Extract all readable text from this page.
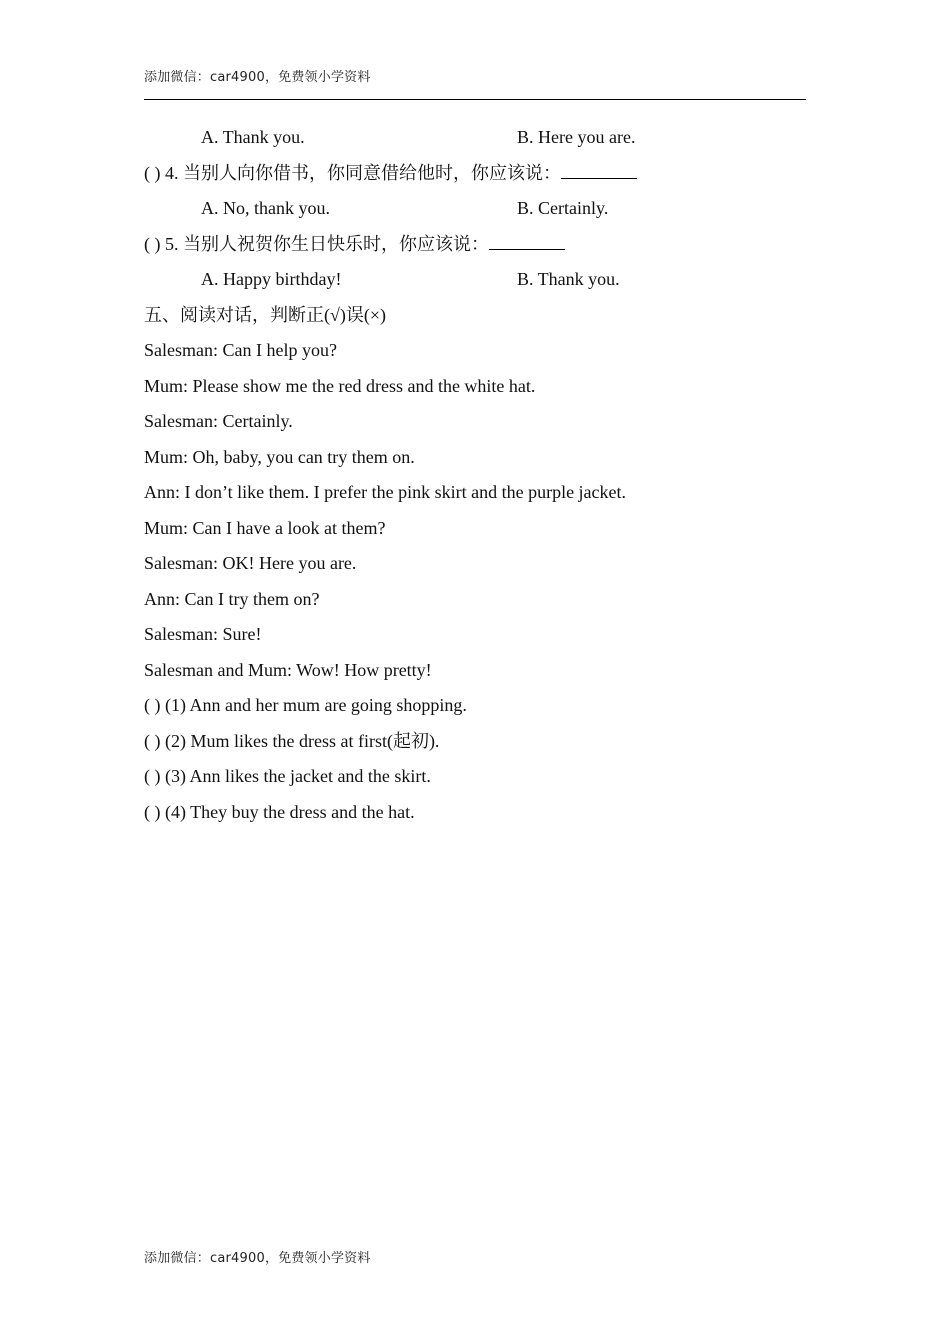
添加微信：car4900，免费领小学资料
A. Thank you.	B. Here you are.
( ) 4. 当别人向你借书，你同意借给他时，你应该说：
A. No, thank you.	B. Certainly.
( ) 5. 当别人祝贺你生日快乐时，你应该说：
A. Happy birthday!	B. Thank you.
五、阅读对话，判断正(√)误(×)
Salesman: Can I help you?
Mum: Please show me the red dress and the white hat.
Salesman: Certainly.
Mum: Oh, baby, you can try them on.
Ann: I don’t like them. I prefer the pink skirt and the purple jacket.
Mum: Can I have a look at them?
Salesman: OK! Here you are.
Ann: Can I try them on?
Salesman: Sure!
Salesman and Mum: Wow! How pretty!
( ) (1) Ann and her mum are going shopping.
( ) (2) Mum likes the dress at first(起初).
( ) (3) Ann likes the jacket and the skirt.
( ) (4) They buy the dress and the hat.
添加微信：car4900，免费领小学资料
